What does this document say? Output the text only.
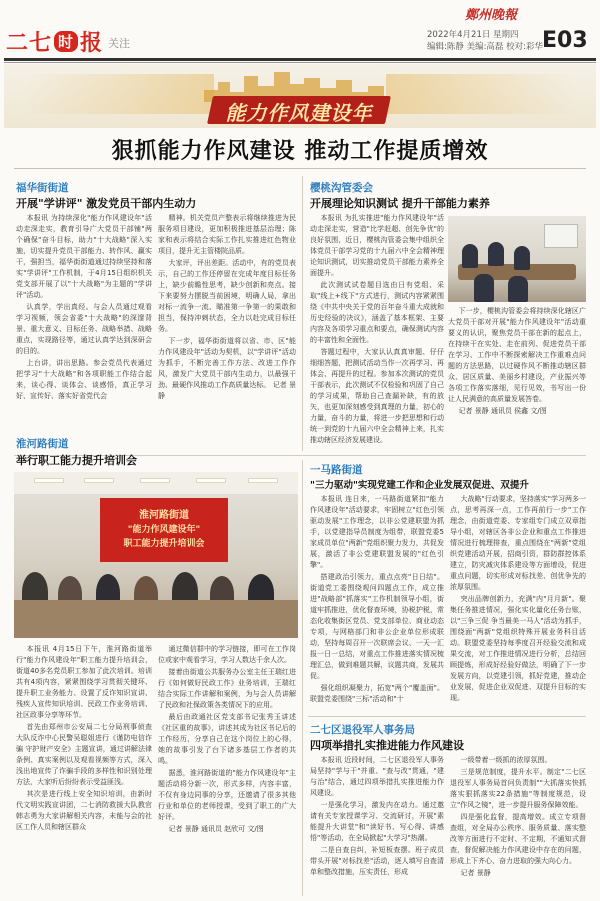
二七 时 报 关注
鄭州晚報
2022年4月21日 星期四
编辑:陈静 美编:高磊 校对:彩华 E03
能力作风建设年
狠抓能力作风建设 推动工作提质增效
福华街街道
开展"学讲评" 激发党员干部内生动力

本报讯 为持续深化"能力作风建设年"活动走深走实，教育引导广大党员干部铺"两个确保"奋斗目标，助力"十大战略"深入实施，切实提升党员干部能力、转作风、赢实干，强担当，福华街街道通过持续坚持和落实"学讲评"工作机制，于4月15日组织机关党支部开展了以"十大战略"为主题的"学讲评"活动。

认真学，学出真经。与会人员通过观看学习视频，领会省委"十大战略"的深邃背景、重大意义、目标任务、战略举措、战略重点，实现路径等，通过认真学达到深研会的目的。

上台讲，讲出思路。参会党员代表通过把学习"十大战略"和各项职能工作结合起来，谈心得、谈体会、谈感悟，真正学习好、宣传好、落实好省党代会

精神。机关党员产整表示将继续推进为民服务项目建设，更加积极推进基层治理；陈家和表示将结合实际工作扎实推进红色物业项目，提升无主管楼院品质。

大家评，评出差距。活动中，有的党员表示，自己的工作还停留在完成年度目标任务上，缺少前瞻性思考，缺少创新和亮点。接下来要努力摆脱当前困境，明确人局，拿出对标一流争一流、瞄准第一争第一的果敢和担当，保持冲刺状态，全力以赴完成目标任务。

下一步，福华街街道将以省、市、区"能力作风建设年"活动为契机，以"学讲评"活动为抓手，不断完善工作方法、改进工作作风，激发广大党员干部内生动力，以最强干劲、最硬作风推动工作高质量达标。 记者 景静

樱桃沟管委会
开展理论知识测试 提升干部能力素养

本报讯 为扎实推进"能力作风建设年"活动走深走实，营造"比学赶超、创先争优"的良好氛围，近日，樱桃沟管委会集中组织全体党员干部学习党的十九届六中全会精神理论知识测试，切实推动党员干部能力素养全面提升。

此次测试试卷题目选由日有党组、采取"线上+线下"方式进行，测试内容紧紧围绕《中共中央关于党的百年奋斗重大成就和历史经验的决议》，涵盖了基本框架、主要内容及各项学习重点和要点，确保测试内容的丰富性和全面性。

答题过程中，大家认认真真审题、仔仔细细答题，把测试活动当作一次再学习、再体会、再提升的过程。参加本次测试的党员干部表示，此次测试不仅检验和巩固了自己的学习成果，帮助自己查漏补缺，有的放矢，也更加深刻感受到真理的力量，初心的力量，奋斗的力量，将进一步把思想和行动统一到党的十九届六中全会精神上来，扎实推动辖区经济发展建设。

下一步，樱桃沟管委会将持续深化辖区广大党员干部对开展"能力作风建设年"活动重要义的认识，聚焦党员干部在新的起点上，在持续干在实处、走在前列、促进党员干部在学习、工作中不断探索解决工作重难点问题的方法思路，以过硬作风不断推动辖区群众、居区质量、美丽乡村建设，产业振兴等各项工作落实落细，见行见效，书写出一份让人民满意的高质量发展答卷。

记者 景静 通讯员 侯鑫 文/图

淮河路街道
举行职工能力提升培训会
淮河路街道
"能力作风建设年"
职工能力提升培训会

本报讯 4月15日下午，淮河路街道举行"能力作风建设年"职工能力提升培训会，街道40多名党员职工参加了此次培训。培训共有4项内容，紧紧围绕学习贯彻关键环、提升职工业务能力、设置了反诈知识宣讲、残疾人宣传知识培训、民政工作业务培训、社区政事分享等环节。

首先由郑州市公安局二七分局刑事侦查大队反诈中心民警吴聪姐进行《谨防电信诈骗 守护财产安全》主题宣讲，通过讲解法律条例、真实案例以及观看视频等方式，深入浅出地宣传了诈骗手段的多样性和识别处理方法，大家听后纷纷表示受益匪浅。

其次是进行线上安全知识培训，由新时代文明实践宣讲团，二七消防救援大队教官韩志勇为大家讲解相关内容，未能与会的社区工作人员和辖区群众

通过微信群中的学习链接，即可在工作岗位或家中观看学习，学习人数达千余人次。

接着由街道公共服务办公室主任王瑞红进行《如何做好民政工作》业务培训，王瑞红结合实际工作讲解和案例，为与会人员讲解了民政和社保政策各类情况下的应用。

最后由政通社区党支部书记张秀玉讲述《社区重的故事》，讲述其成为社区书记后的工作经历，分享自己在这个岗位上的心得，她的故事引发了台下诸多基层工作者的共鸣。

据悉，淮河路街道的"能力作风建设年"主题活动将分新一次，形式多样，内容丰富，不仅有身边同事的分享，还邀请了很多其他行业和单位的老师授课，受到了职工的广大好评。

记者 景静 通讯员 赵欣可 文/图

一马路街道
"三力驱动"实现党建工作和企业发展双促进、双提升

本报讯 连日来，一马路街道紧扣"能力作风建设年"活动要求，牢固树立"红色引领 驱动发展"工作理念，以非公党建联盟为抓手，以党建指导员制度为组带，联盟党委5家成员单位"两新"党组织聚力发力，共促发展，激活了非公党建联盟发展的"红色引擎"。

搭建政治引领力，重点点亮"日日结"。街道党工委围绕观问四题点工作，成立推进"战略部"抓落实"工作机制领导小组，街道牢抓推进，优化督查环境，协税护税，常态化收集街区党员、党支部单位、商业动态专项，与网格部门和非公企业单位形成联动，坚持每周召开一次联席会议、一天一汇报一日一总结，对重点工作推进落实情况梳理汇总，做到难题共解，议题共商，发展共促。

强化组织凝聚力，拓宽"两个"覆盖面"。联盟党委围绕"三标"活动和"十

大战略"行动要求，坚持落实"学习两多一点，思考再深一点，工作再前行一步"工作理念，由街道党委、专家组专门成立双章指导小组，对辖区各非公企业和重点工作推进情况进行梳理排查，重点围绕在"两新"党组织党建活动开展，招商引资，群防群控体系建立，防灾减灾体系建设等方面增设，促进重点问题，切实形成对标找差、创优争先的浓厚氛围。

突出品牌创新力，充满"内"月月新"。聚集任务推进情况，强化实化量化任务台账，以"三争三促 争当最美一马人"活动为抓手，围绕面"两新"党组织特殊开展业务科目活动。联盟党委坚持每季度召开经验交流和成果交流，对工作推进情况进行分析，总结回顾提炼，形成好经验好做法，明确了下一步发展方向，以党建引领，抓好党建，推动企业发展，促进企业双促进、双提升目标的实现。

二七区退役军人事务局
四项举措扎实推进能力作风建设

本报讯 近段时间，二七区退役军人事务局坚持"学与干"并重、"查与改"贯通，"建与治"结合，通过四项举措扎实推进能力作风建设。

一是强化学习，激发内在动力。通过邀请有关专家授课学习、交流研讨，开展"素能提升大讲堂"和"读好书、写心得、讲感悟"等活动，在全局掀起"大学习"热潮。

二是自查自纠，补短板查摆。班子成员带头开展"对标找差"活动，逐人填写自查清单和整改措施，压实责任，形成

一级带着一级抓的浓厚氛围。

三是规范制度，提升水平。制定"二七区退役军人事务局首问负责制""大抓落实快抓落实狠抓落实22条措施"等制度规范，设立"作风之镜"，进一步提升服务保障效能。

四是强化监督，提高增效。成立专项督查组，对全局办公秩序、服务质量、落实整改等方面进行不定时、不定期，不通知式督查，督促解决能力作风建设中存在的问题，形成上下齐心、奋力进取的强大向心力。

记者 景静
